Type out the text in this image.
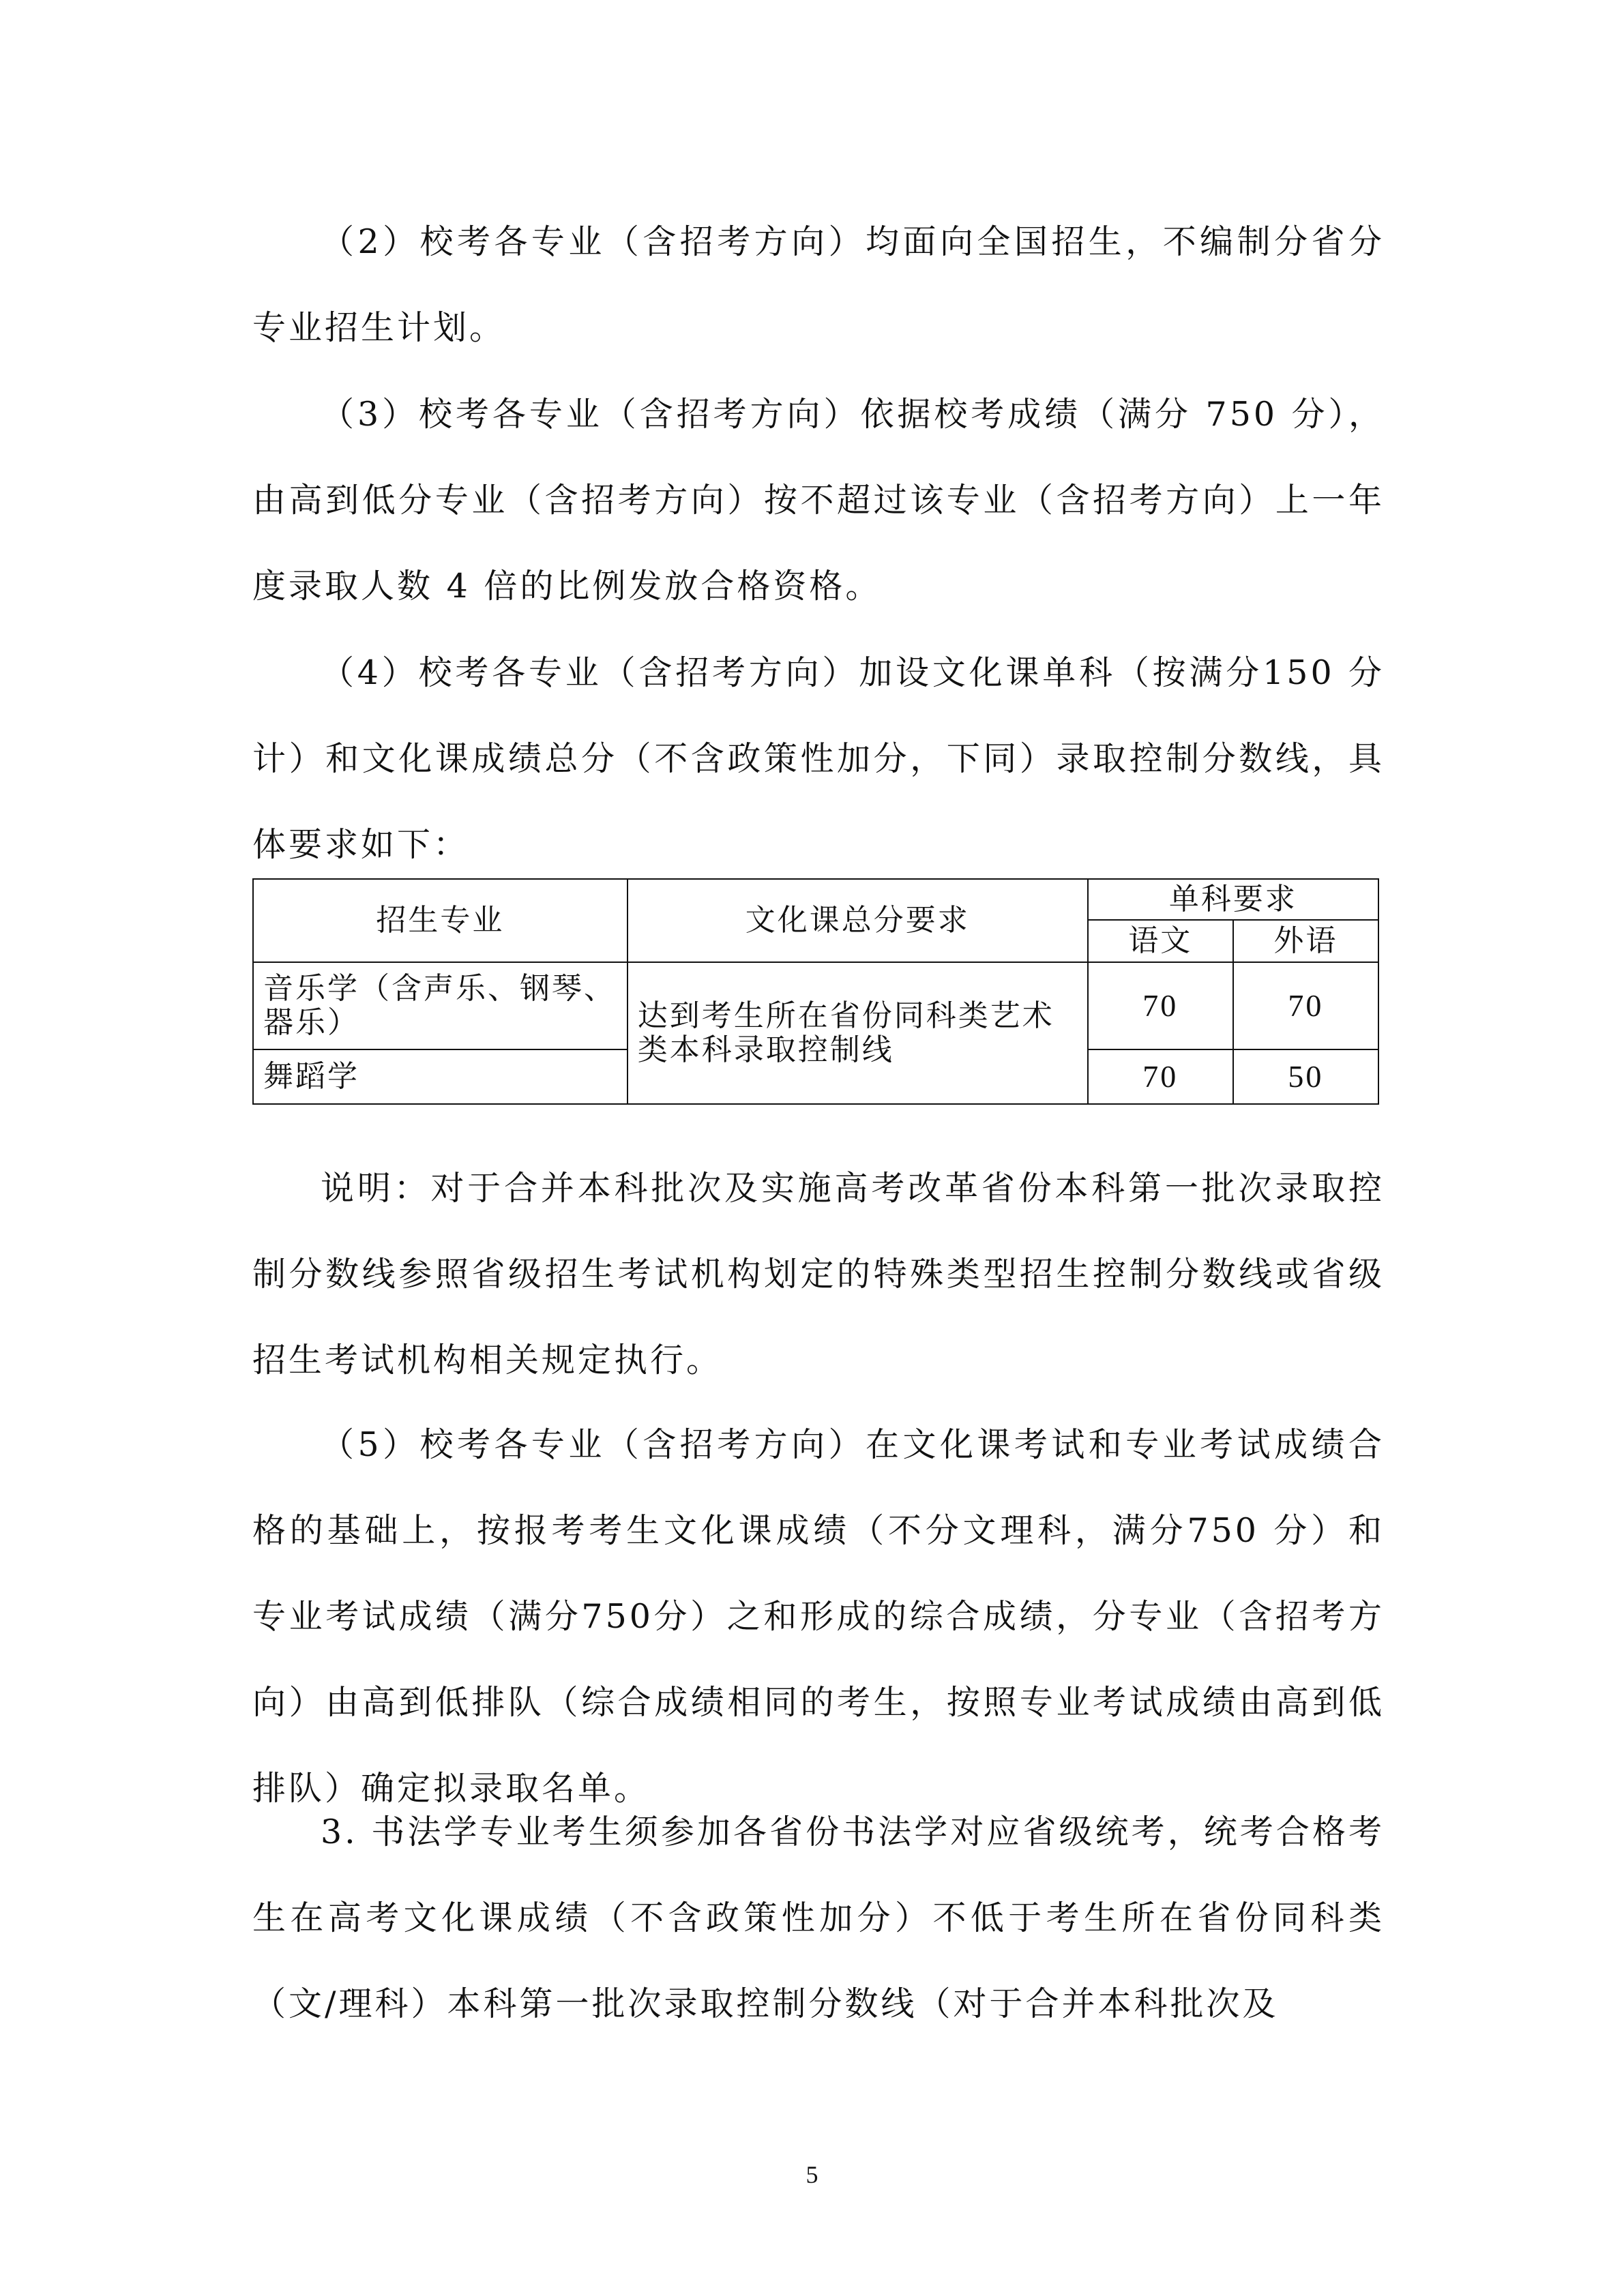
（2）校考各专业（含招考方向）均面向全国招生，不编制分省分专业招生计划。

（3）校考各专业（含招考方向）依据校考成绩（满分 750 分），由高到低分专业（含招考方向）按不超过该专业（含招考方向）上一年度录取人数 4 倍的比例发放合格资格。

（4）校考各专业（含招考方向）加设文化课单科（按满分150 分计）和文化课成绩总分（不含政策性加分，下同）录取控制分数线，具体要求如下：

招生专业	文化课总分要求	单科要求	
		语文	外语
音乐学（含声乐、钢琴、器乐）	达到考生所在省份同科类艺术类本科录取控制线	70	70
舞蹈学		70	50

说明：对于合并本科批次及实施高考改革省份本科第一批次录取控制分数线参照省级招生考试机构划定的特殊类型招生控制分数线或省级招生考试机构相关规定执行。

（5）校考各专业（含招考方向）在文化课考试和专业考试成绩合格的基础上，按报考考生文化课成绩（不分文理科，满分750 分）和专业考试成绩（满分750分）之和形成的综合成绩，分专业（含招考方向）由高到低排队（综合成绩相同的考生，按照专业考试成绩由高到低排队）确定拟录取名单。

3. 书法学专业考生须参加各省份书法学对应省级统考，统考合格考生在高考文化课成绩（不含政策性加分）不低于考生所在省份同科类（文/理科）本科第一批次录取控制分数线（对于合并本科批次及

5
